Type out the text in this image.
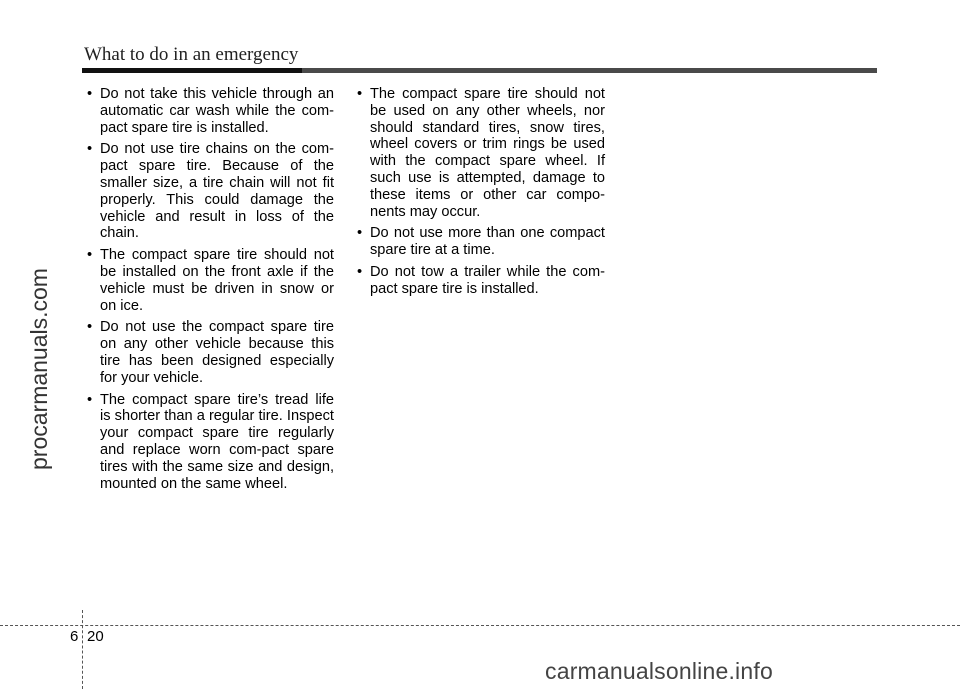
What to do in an emergency
• Do not take this vehicle through an automatic car wash while the com-pact spare tire is installed.
• Do not use tire chains on the com-pact spare tire. Because of the smaller size, a tire chain will not fit properly. This could damage the vehicle and result in loss of the chain.
• The compact spare tire should not be installed on the front axle if the vehicle must be driven in snow or on ice.
• Do not use the compact spare tire on any other vehicle because this tire has been designed especially for your vehicle.
• The compact spare tire’s tread life is shorter than a regular tire. Inspect your compact spare tire regularly and replace worn com-pact spare tires with the same size and design, mounted on the same wheel.
• The compact spare tire should not be used on any other wheels, nor should standard tires, snow tires, wheel covers or trim rings be used with the compact spare wheel. If such use is attempted, damage to these items or other car compo-nents may occur.
• Do not use more than one compact spare tire at a time.
• Do not tow a trailer while the com-pact spare tire is installed.
procarmanuals.com
6 20
carmanualsonline.info
